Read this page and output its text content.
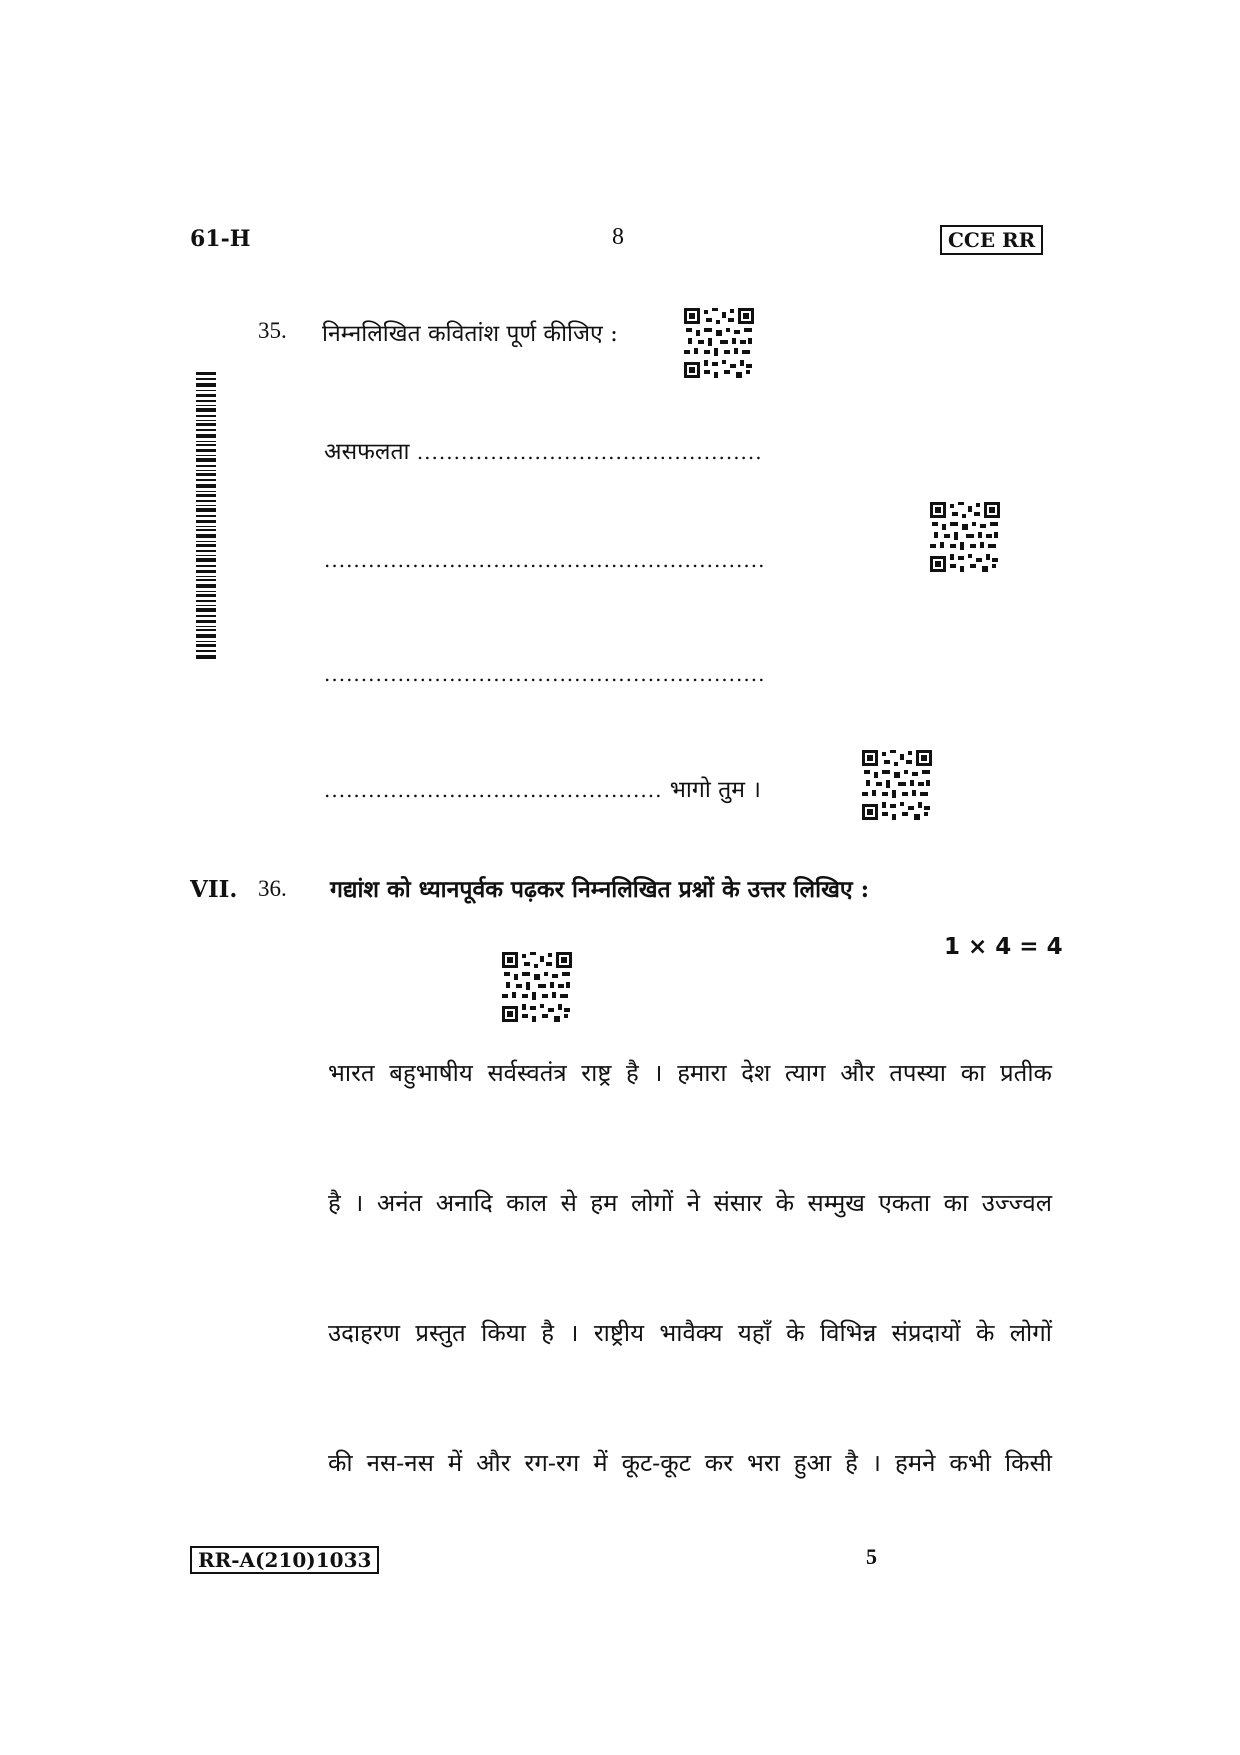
61-H	8	CCE RR
35. निम्नलिखित कवितांश पूर्ण कीजिए :
असफलता ...............................................
............................................................
............................................................
.............................................. भागो तुम ।
VII. 36. गद्यांश को ध्यानपूर्वक पढ़कर निम्नलिखित प्रश्नों के उत्तर लिखिए :
1 × 4 = 4
भारत बहुभाषीय सर्वस्वतंत्र राष्ट्र है । हमारा देश त्याग और तपस्या का प्रतीक
है । अनंत अनादि काल से हम लोगों ने संसार के सम्मुख एकता का उज्ज्वल
उदाहरण प्रस्तुत किया है । राष्ट्रीय भावैक्य यहाँ के विभिन्न संप्रदायों के लोगों
की नस-नस में और रग-रग में कूट-कूट कर भरा हुआ है । हमने कभी किसी
RR-A(210)1033	5
